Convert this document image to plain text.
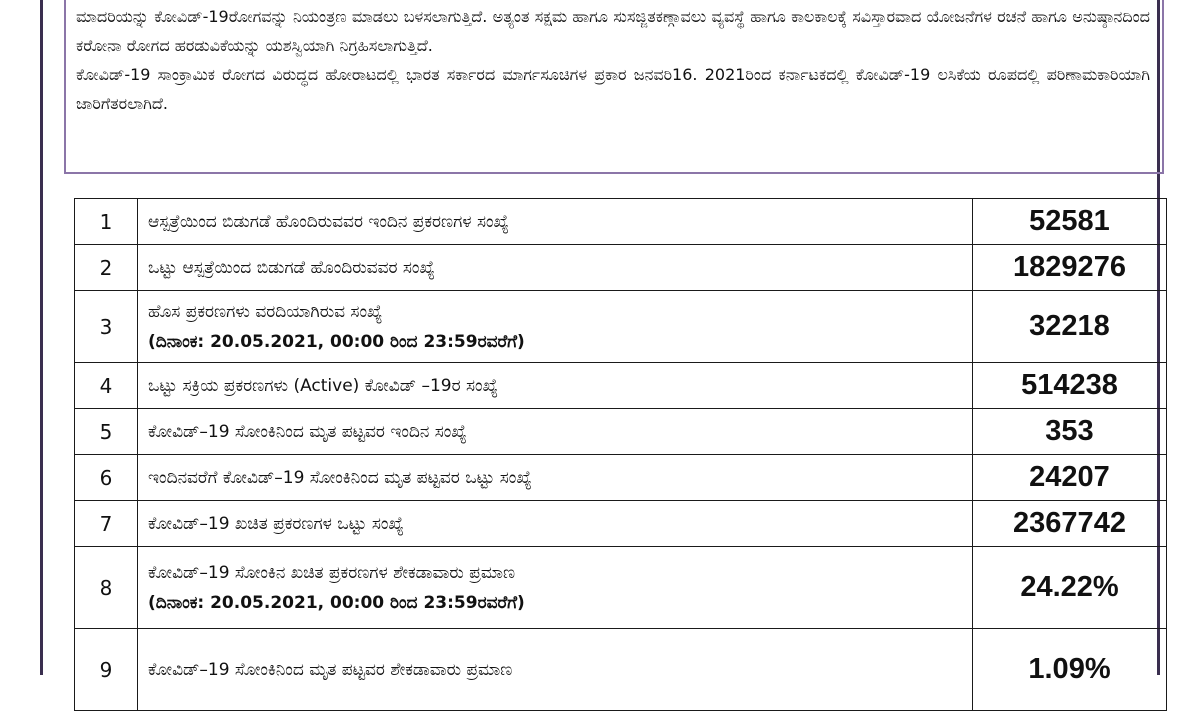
ಮಾದರಿಯನ್ನು ಕೋವಿಡ್-19ರೋಗವನ್ನು ನಿಯಂತ್ರಣ ಮಾಡಲು ಬಳಸಲಾಗುತ್ತಿದೆ. ಅತ್ಯಂತ ಸಕ್ಷಮ ಹಾಗೂ ಸುಸಜ್ಜಿತಕಣ್ಗಾವಲು ವ್ಯವಸ್ಥೆ ಹಾಗೂ ಕಾಲಕಾಲಕ್ಕೆ ಸವಿಸ್ತಾರವಾದ ಯೋಜನೆಗಳ ರಚನೆ ಹಾಗೂ ಅನುಷ್ಠಾನದಿಂದ ಕರೋನಾ ರೋಗದ ಹರಡುವಿಕೆಯನ್ನು ಯಶಸ್ವಿಯಾಗಿ ನಿಗ್ರಹಿಸಲಾಗುತ್ತಿದೆ.

ಕೋವಿಡ್-19 ಸಾಂಕ್ರಾಮಿಕ ರೋಗದ ವಿರುದ್ಧದ ಹೋರಾಟದಲ್ಲಿ ಭಾರತ ಸರ್ಕಾರದ ಮಾರ್ಗಸೂಚಿಗಳ ಪ್ರಕಾರ ಜನವರಿ16. 2021ರಿಂದ ಕರ್ನಾಟಕದಲ್ಲಿ ಕೋವಿಡ್-19 ಲಸಿಕೆಯ ರೂಪದಲ್ಲಿ ಪರಿಣಾಮಕಾರಿಯಾಗಿ ಜಾರಿಗೆತರಲಾಗಿದೆ.

1	ಆಸ್ಪತ್ರೆಯಿಂದ ಬಿಡುಗಡೆ ಹೊಂದಿರುವವರ ಇಂದಿನ ಪ್ರಕರಣಗಳ ಸಂಖ್ಯೆ	52581
2	ಒಟ್ಟು ಆಸ್ಪತ್ರೆಯಿಂದ ಬಿಡುಗಡೆ ಹೊಂದಿರುವವರ ಸಂಖ್ಯೆ	1829276
3	ಹೊಸ ಪ್ರಕರಣಗಳು ವರದಿಯಾಗಿರುವ ಸಂಖ್ಯೆ
(ದಿನಾಂಕ: 20.05.2021, 00:00 ರಿಂದ 23:59ರವರೆಗೆ)	32218
4	ಒಟ್ಟು ಸಕ್ರಿಯ ಪ್ರಕರಣಗಳು (Active) ಕೋವಿಡ್ –19ರ ಸಂಖ್ಯೆ	514238
5	ಕೋವಿಡ್–19 ಸೋಂಕಿನಿಂದ ಮೃತ ಪಟ್ಟವರ ಇಂದಿನ ಸಂಖ್ಯೆ	353
6	ಇಂದಿನವರೆಗೆ ಕೋವಿಡ್–19 ಸೋಂಕಿನಿಂದ ಮೃತ ಪಟ್ಟವರ ಒಟ್ಟು ಸಂಖ್ಯೆ	24207
7	ಕೋವಿಡ್–19 ಖಚಿತ ಪ್ರಕರಣಗಳ ಒಟ್ಟು ಸಂಖ್ಯೆ	2367742
8	ಕೋವಿಡ್–19 ಸೋಂಕಿನ ಖಚಿತ ಪ್ರಕರಣಗಳ ಶೇಕಡಾವಾರು ಪ್ರಮಾಣ
(ದಿನಾಂಕ: 20.05.2021, 00:00 ರಿಂದ 23:59ರವರೆಗೆ)	24.22%
9	ಕೋವಿಡ್–19 ಸೋಂಕಿನಿಂದ ಮೃತ ಪಟ್ಟವರ ಶೇಕಡಾವಾರು ಪ್ರಮಾಣ	1.09%
